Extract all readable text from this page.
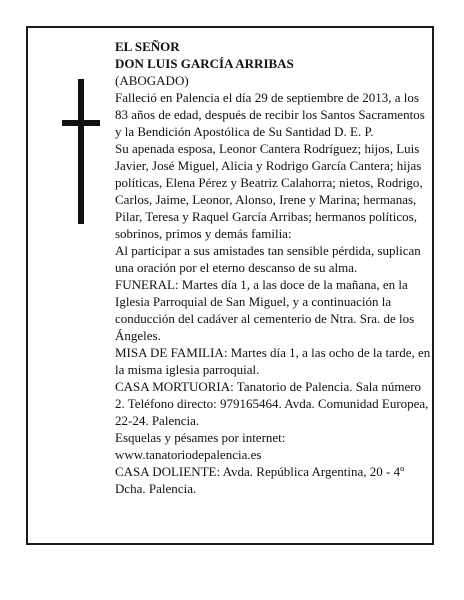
EL SEÑOR

DON LUIS GARCÍA ARRIBAS

(ABOGADO)

Falleció en Palencia el día 29 de septiembre de 2013, a los 83 años de edad, después de recibir los Santos Sacramentos y la Bendición Apostólica de Su Santidad D. E. P.

Su apenada esposa, Leonor Cantera Rodríguez; hijos, Luis Javier, José Miguel, Alicia y Rodrigo García Cantera; hijas políticas, Elena Pérez y Beatriz Calahorra; nietos, Rodrigo, Carlos, Jaime, Leonor, Alonso, Irene y Marina; hermanas, Pilar, Teresa y Raquel García Arribas; hermanos políticos, sobrinos, primos y demás familia:

Al participar a sus amistades tan sensible pérdida, suplican una oración por el eterno descanso de su alma.

FUNERAL: Martes día 1, a las doce de la mañana, en la Iglesia Parroquial de San Miguel, y a continuación la conducción del cadáver al cementerio de Ntra. Sra. de los Ángeles.

MISA DE FAMILIA: Martes día 1, a las ocho de la tarde, en la misma iglesia parroquial.

CASA MORTUORIA: Tanatorio de Palencia. Sala número 2. Teléfono directo: 979165464. Avda. Comunidad Europea, 22-24. Palencia.

Esquelas y pésames por internet: www.tanatoriodepalencia.es

CASA DOLIENTE: Avda. República Argentina, 20 - 4º Dcha. Palencia.
